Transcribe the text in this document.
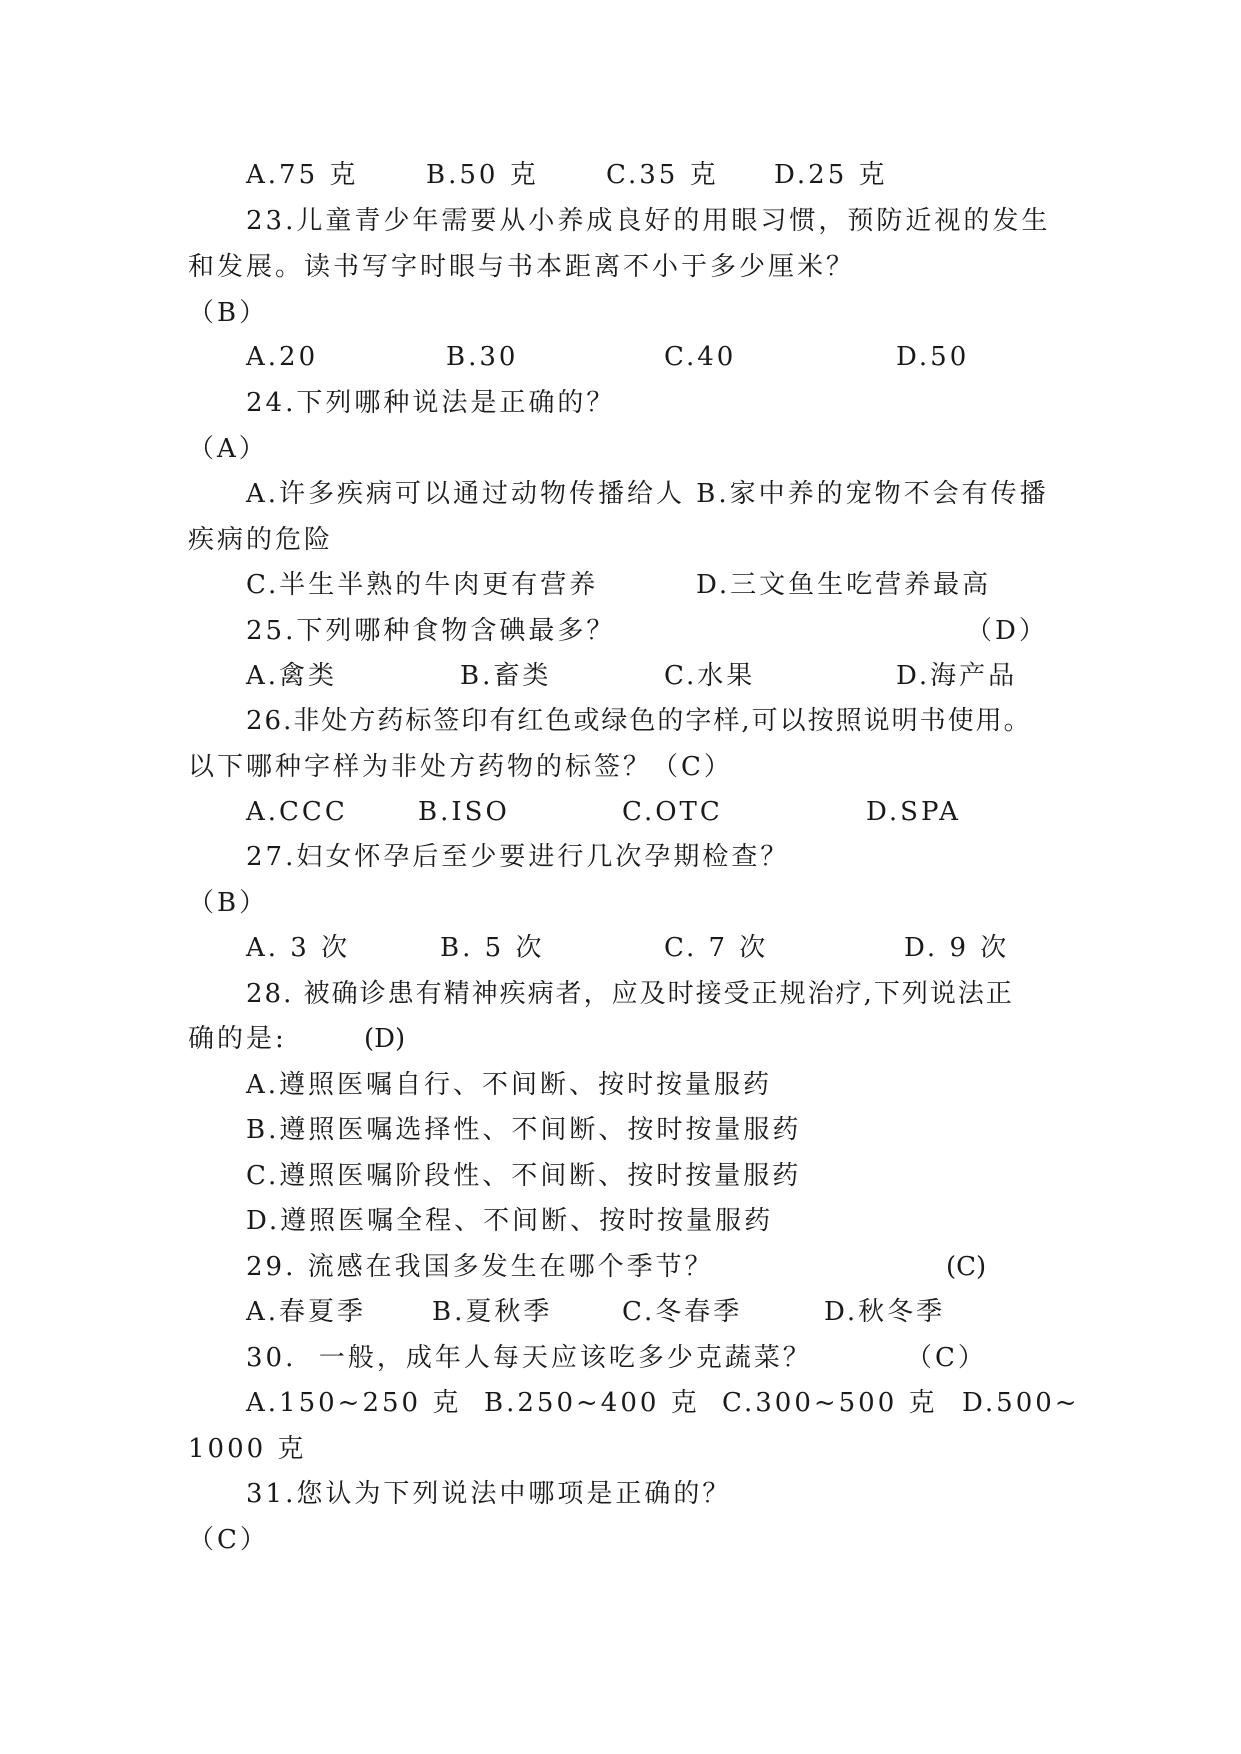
A.75 克	B.50 克	C.35 克 D.25 克
23.儿童青少年需要从小养成良好的用眼习惯，预防近视的发生
和发展。读书写字时眼与书本距离不小于多少厘米？
（B）
A.20	B.30	C.40	D.50
24.下列哪种说法是正确的？
（A）
A.许多疾病可以通过动物传播给人 B.家中养的宠物不会有传播
疾病的危险
C.半生半熟的牛肉更有营养	D.三文鱼生吃营养最高
25.下列哪种食物含碘最多？	（D）
A.禽类	B.畜类	C.水果	D.海产品
26.非处方药标签印有红色或绿色的字样,可以按照说明书使用。
以下哪种字样为非处方药物的标签？（C）
A.CCC	B.ISO	C.OTC	D.SPA
27.妇女怀孕后至少要进行几次孕期检查？
（B）
A. 3 次	B. 5 次	C. 7 次	D. 9 次
28. 被确诊患有精神疾病者，应及时接受正规治疗,下列说法正
确的是:	(D)
A.遵照医嘱自行、不间断、按时按量服药
B.遵照医嘱选择性、不间断、按时按量服药
C.遵照医嘱阶段性、不间断、按时按量服药
D.遵照医嘱全程、不间断、按时按量服药
29. 流感在我国多发生在哪个季节？	(C)
A.春夏季	B.夏秋季	C.冬春季	D.秋冬季
30.  一般，成年人每天应该吃多少克蔬菜？	（C）
A.150~250 克 B.250~400 克 C.300~500 克 D.500~
1000 克
31.您认为下列说法中哪项是正确的？
（C）
